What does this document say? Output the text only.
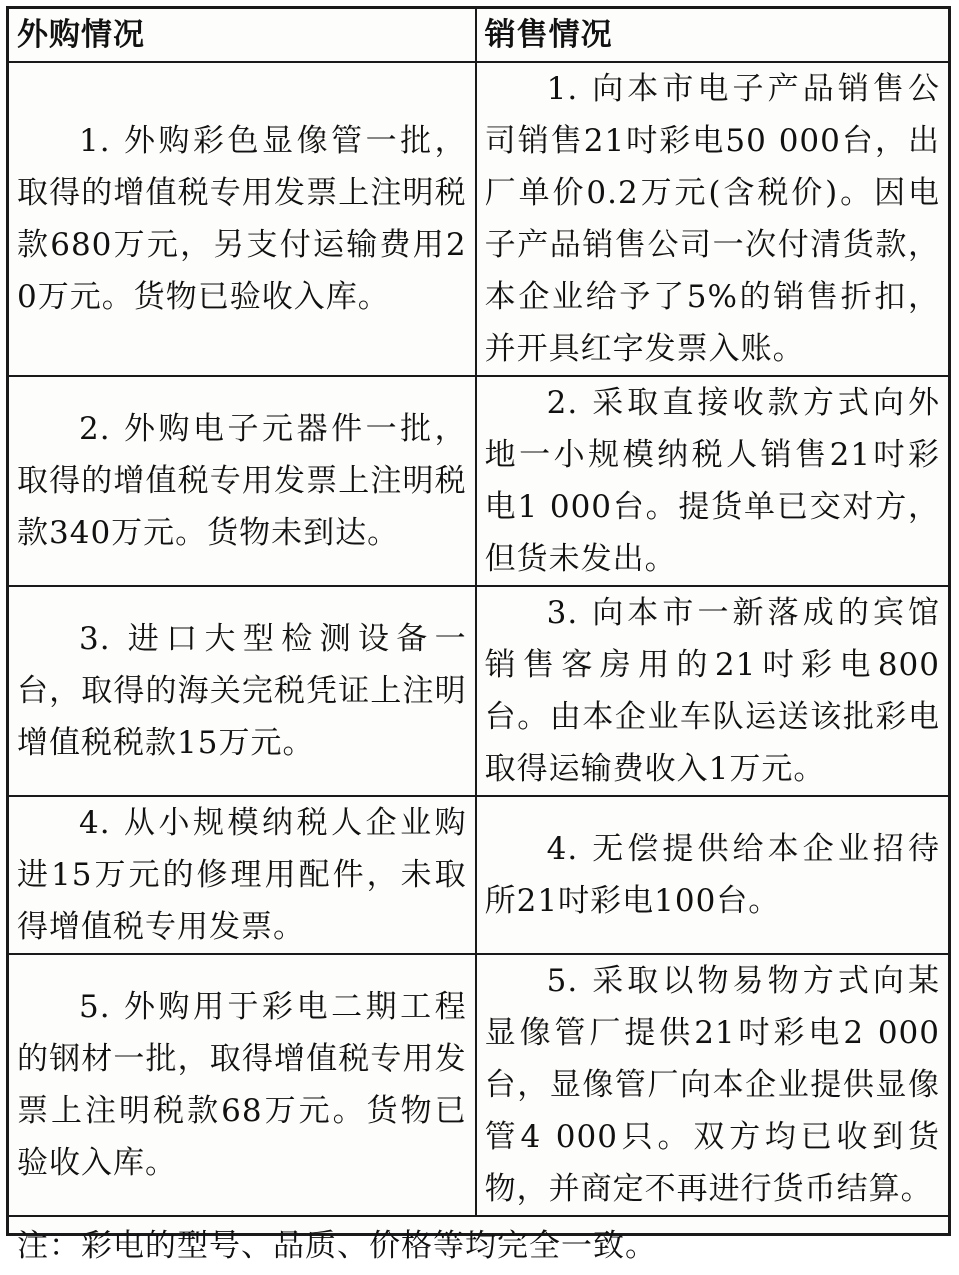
外购情况	销售情况
1. 外购彩色显像管一批，取得的增值税专用发票上注明税款680万元，另支付运输费用20万元。货物已验收入库。	1. 向本市电子产品销售公司销售21吋彩电50 000台，出厂单价0.2万元(含税价)。因电子产品销售公司一次付清货款，本企业给予了5%的销售折扣，并开具红字发票入账。
2. 外购电子元器件一批，取得的增值税专用发票上注明税款340万元。货物未到达。	2. 采取直接收款方式向外地一小规模纳税人销售21吋彩电1 000台。提货单已交对方，但货未发出。
3. 进口大型检测设备一台，取得的海关完税凭证上注明增值税税款15万元。	3. 向本市一新落成的宾馆销售客房用的21吋彩电800台。由本企业车队运送该批彩电取得运输费收入1万元。
4. 从小规模纳税人企业购进15万元的修理用配件，未取得增值税专用发票。	4. 无偿提供给本企业招待所21吋彩电100台。
5. 外购用于彩电二期工程的钢材一批，取得增值税专用发票上注明税款68万元。货物已验收入库。	5. 采取以物易物方式向某显像管厂提供21吋彩电2 000台，显像管厂向本企业提供显像管4 000只。双方均已收到货物，并商定不再进行货币结算。
注：彩电的型号、品质、价格等均完全一致。	
